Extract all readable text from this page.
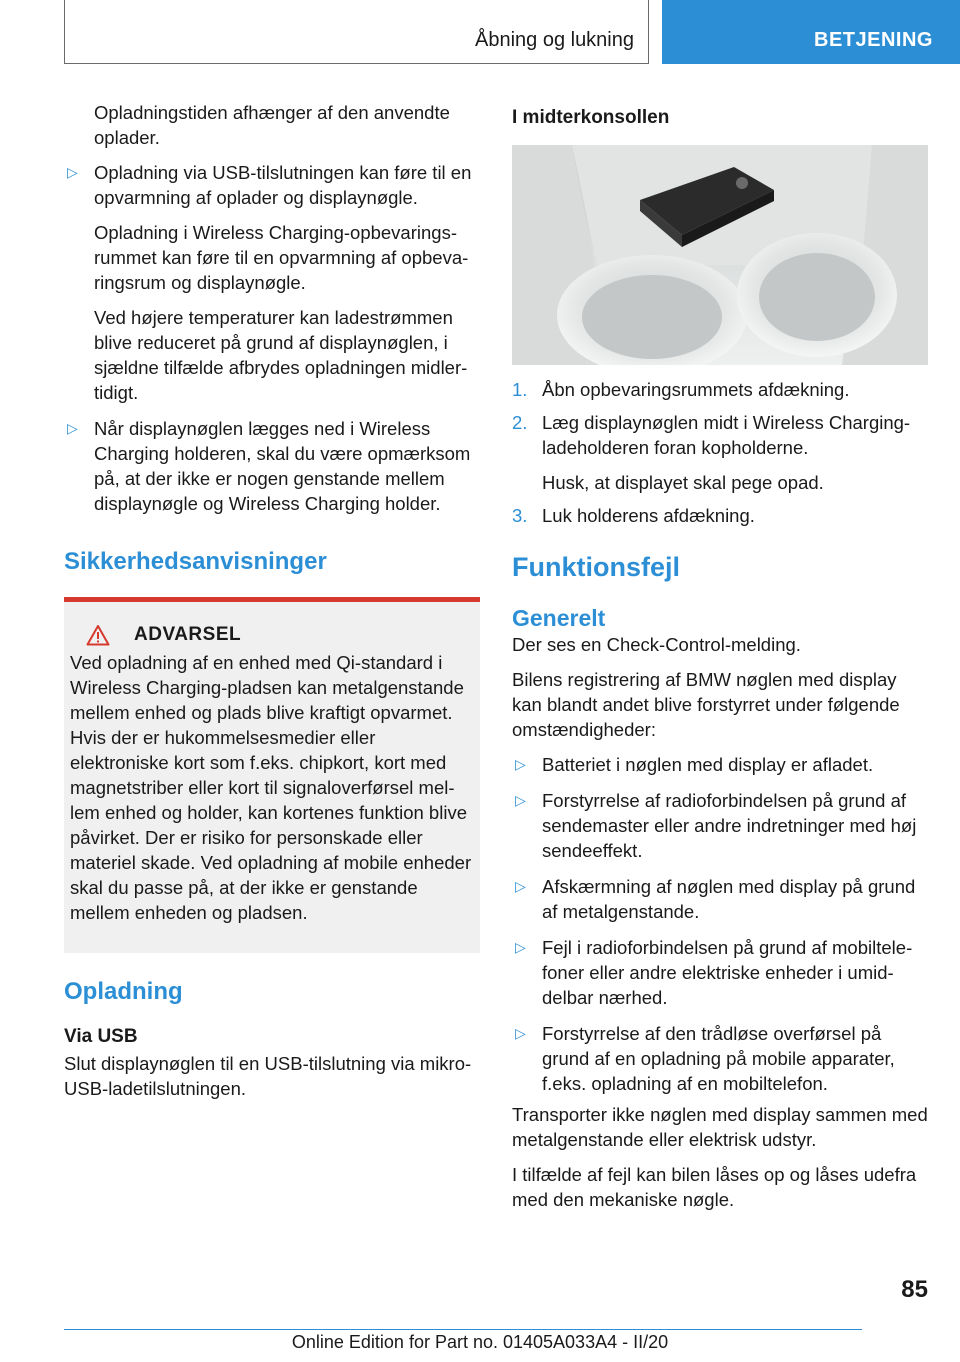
Åbning og lukning	BETJENING

Opladningstiden afhænger af den anvendte oplader.

▷ Opladning via USB-tilslutningen kan føre til en opvarmning af oplader og displaynøgle.

Opladning i Wireless Charging-opbevaringsrummet kan føre til en opvarmning af opbevaringsrum og displaynøgle.

Ved højere temperaturer kan ladestrømmen blive reduceret på grund af displaynøglen, i sjældne tilfælde afbrydes opladningen midlertidigt.

▷ Når displaynøglen lægges ned i Wireless Charging holderen, skal du være opmærksom på, at der ikke er nogen genstande mellem displaynøgle og Wireless Charging holder.

Sikkerhedsanvisninger
ADVARSEL

Ved opladning af en enhed med Qi-standard i Wireless Charging-pladsen kan metalgenstande mellem enhed og plads blive kraftigt opvarmet. Hvis der er hukommelsesmedier eller elektroniske kort som f.eks. chipkort, kort med magnetstriber eller kort til signaloverførsel mellem enhed og holder, kan kortenes funktion blive påvirket. Der er risiko for personskade eller materiel skade. Ved opladning af mobile enheder skal du passe på, at der ikke er genstande mellem enheden og pladsen.

Opladning

Via USB

Slut displaynøglen til en USB-tilslutning via mikro-USB-ladetilslutningen.

I midterkonsollen

1. Åbn opbevaringsrummets afdækning.

2. Læg displaynøglen midt i Wireless Charging-ladeholderen foran kopholderne.

Husk, at displayet skal pege opad.

3. Luk holderens afdækning.

Funktionsfejl
Generelt

Der ses en Check-Control-melding.

Bilens registrering af BMW nøglen med display kan blandt andet blive forstyrret under følgende omstændigheder:

▷ Batteriet i nøglen med display er afladet.

▷ Forstyrrelse af radioforbindelsen på grund af sendemaster eller andre indretninger med høj sendeeffekt.

▷ Afskærmning af nøglen med display på grund af metalgenstande.

▷ Fejl i radioforbindelsen på grund af mobiltelefoner eller andre elektriske enheder i umiddelbar nærhed.

▷ Forstyrrelse af den trådløse overførsel på grund af en opladning på mobile apparater, f.eks. opladning af en mobiltelefon.

Transporter ikke nøglen med display sammen med metalgenstande eller elektrisk udstyr.

I tilfælde af fejl kan bilen låses op og låses udefra med den mekaniske nøgle.

85
Online Edition for Part no. 01405A033A4 - II/20
